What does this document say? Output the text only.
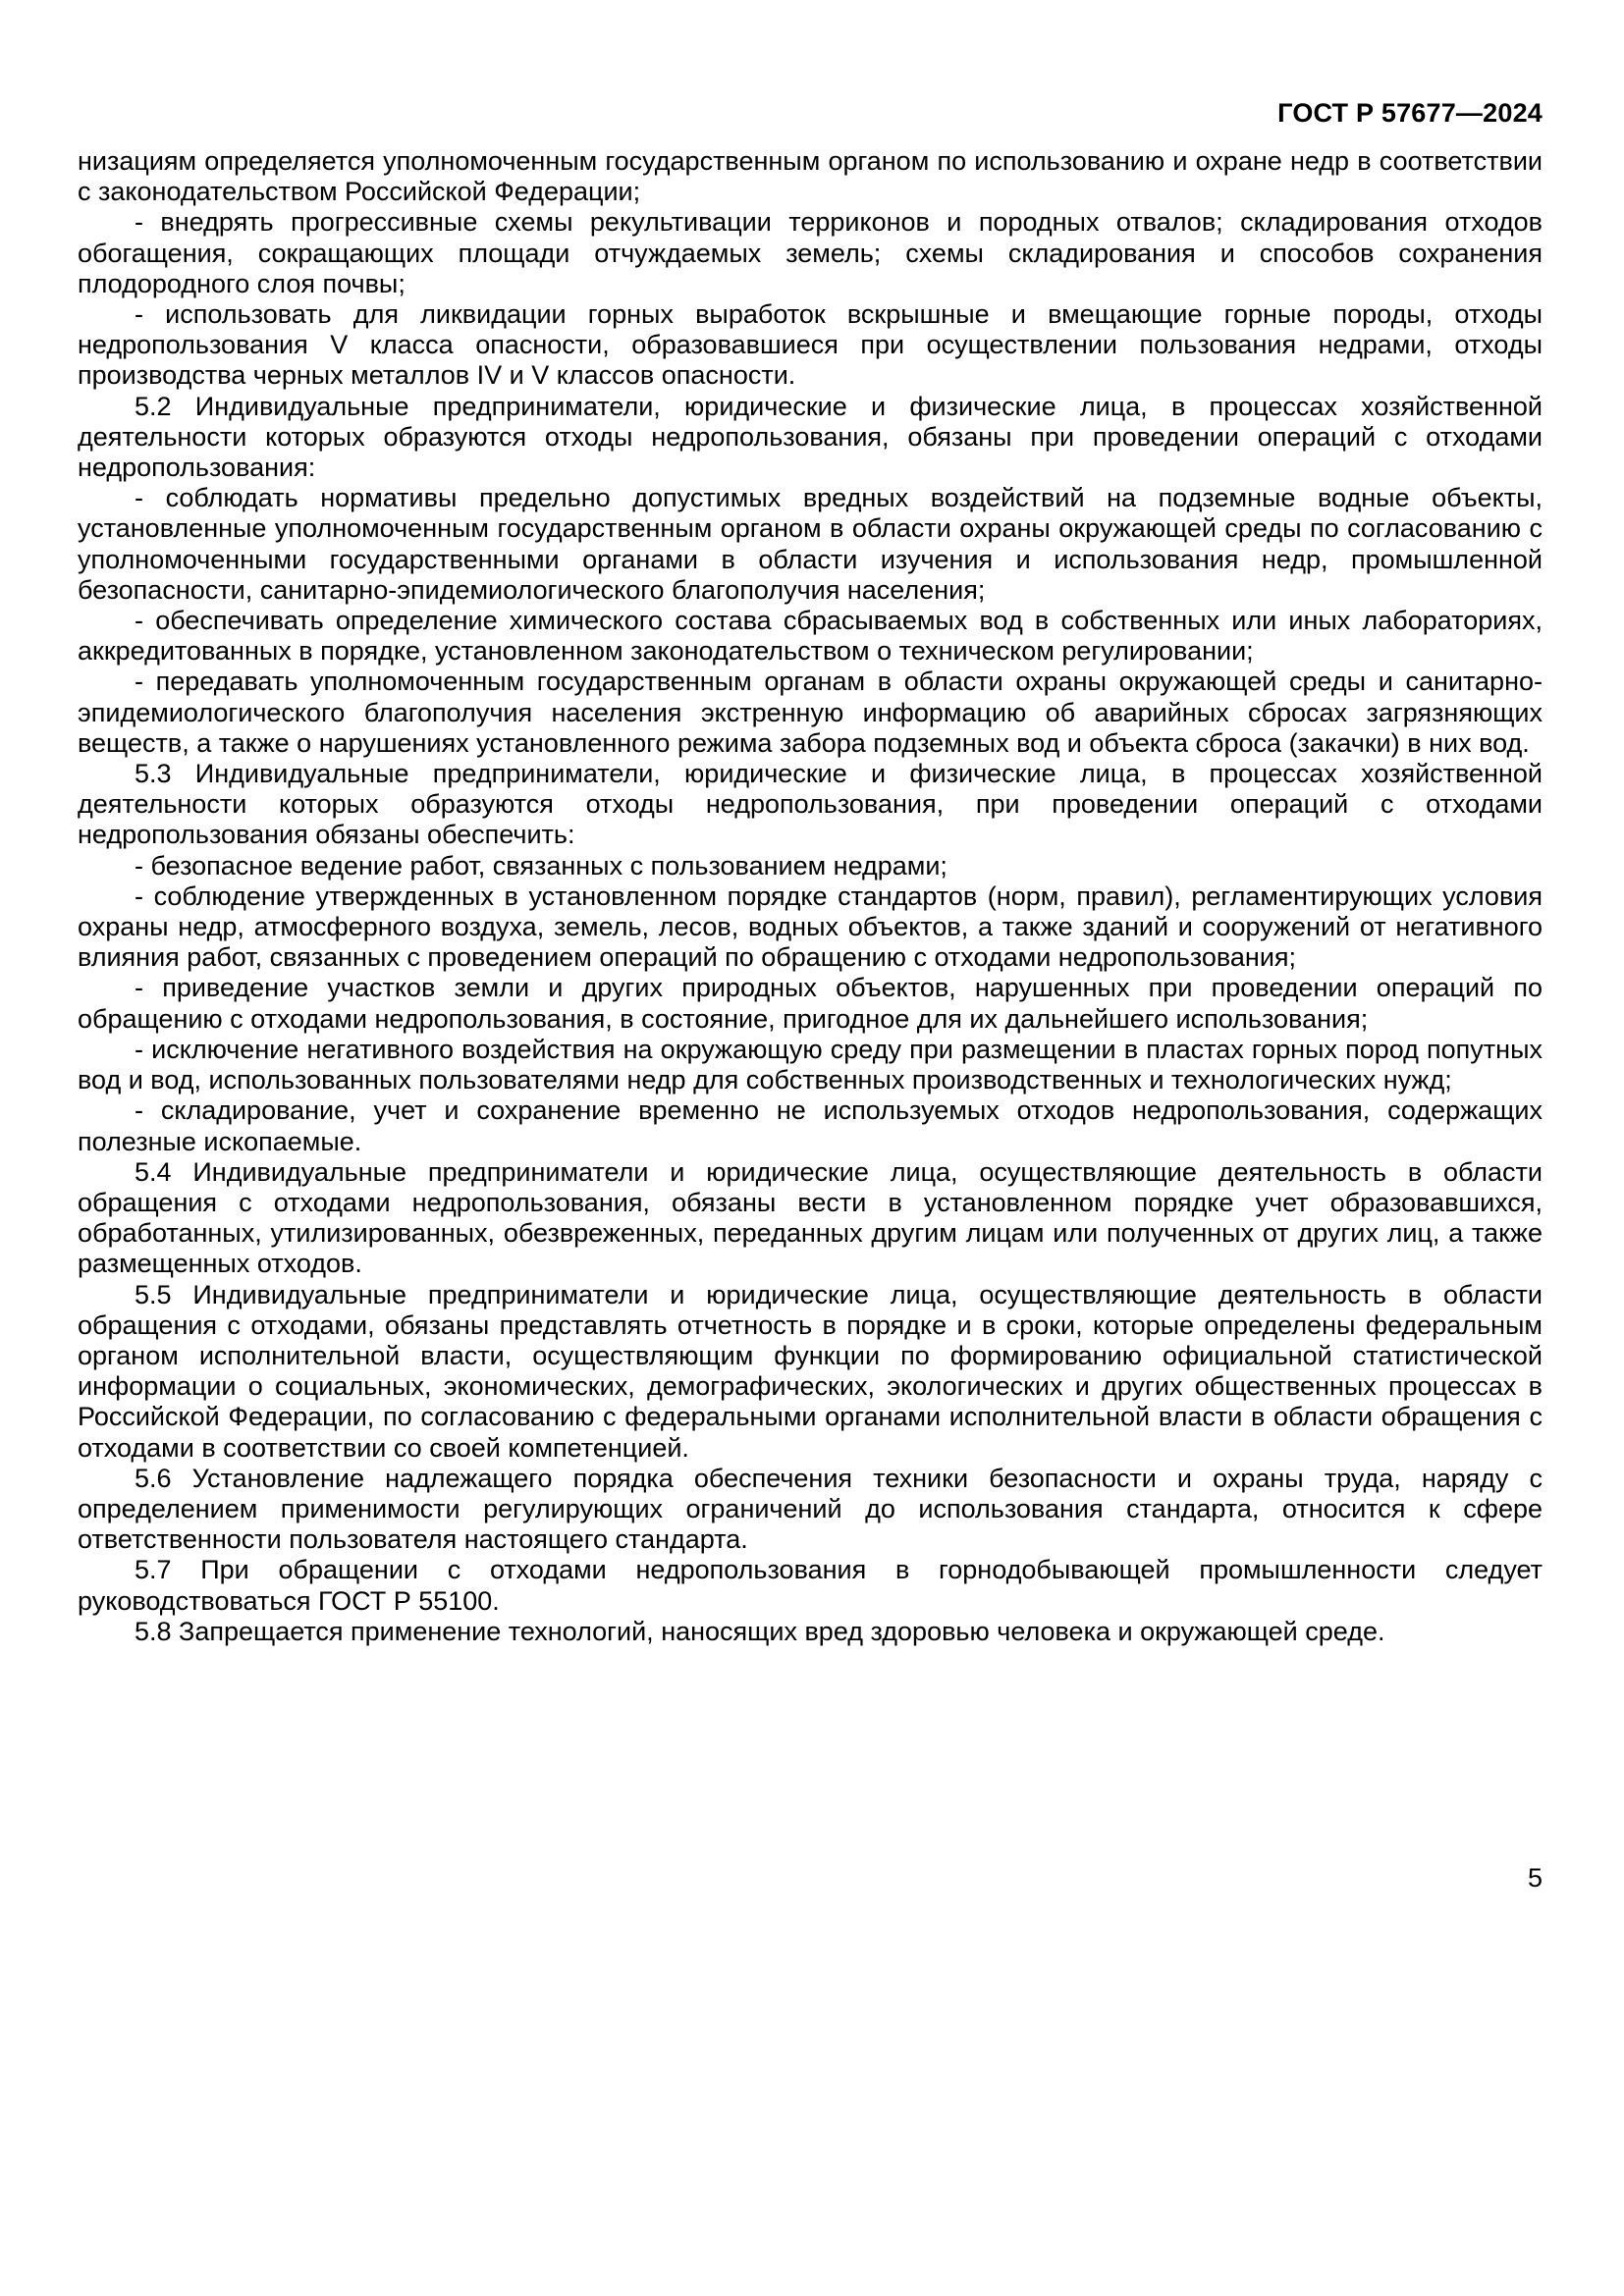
ГОСТ Р 57677—2024

низациям определяется уполномоченным государственным органом по использованию и охране недр в соответствии с законодательством Российской Федерации;

- внедрять прогрессивные схемы рекультивации терриконов и породных отвалов; складирования отходов обогащения, сокращающих площади отчуждаемых земель; схемы складирования и способов сохранения плодородного слоя почвы;

- использовать для ликвидации горных выработок вскрышные и вмещающие горные породы, отходы недропользования V класса опасности, образовавшиеся при осуществлении пользования недрами, отходы производства черных металлов IV и V классов опасности.

5.2 Индивидуальные предприниматели, юридические и физические лица, в процессах хозяйственной деятельности которых образуются отходы недропользования, обязаны при проведении операций с отходами недропользования:

- соблюдать нормативы предельно допустимых вредных воздействий на подземные водные объекты, установленные уполномоченным государственным органом в области охраны окружающей среды по согласованию с уполномоченными государственными органами в области изучения и использования недр, промышленной безопасности, санитарно-эпидемиологического благополучия населения;

- обеспечивать определение химического состава сбрасываемых вод в собственных или иных лабораториях, аккредитованных в порядке, установленном законодательством о техническом регулировании;

- передавать уполномоченным государственным органам в области охраны окружающей среды и санитарно-эпидемиологического благополучия населения экстренную информацию об аварийных сбросах загрязняющих веществ, а также о нарушениях установленного режима забора подземных вод и объекта сброса (закачки) в них вод.

5.3 Индивидуальные предприниматели, юридические и физические лица, в процессах хозяйственной деятельности которых образуются отходы недропользования, при проведении операций с отходами недропользования обязаны обеспечить:

- безопасное ведение работ, связанных с пользованием недрами;

- соблюдение утвержденных в установленном порядке стандартов (норм, правил), регламентирующих условия охраны недр, атмосферного воздуха, земель, лесов, водных объектов, а также зданий и сооружений от негативного влияния работ, связанных с проведением операций по обращению с отходами недропользования;

- приведение участков земли и других природных объектов, нарушенных при проведении операций по обращению с отходами недропользования, в состояние, пригодное для их дальнейшего использования;

- исключение негативного воздействия на окружающую среду при размещении в пластах горных пород попутных вод и вод, использованных пользователями недр для собственных производственных и технологических нужд;

- складирование, учет и сохранение временно не используемых отходов недропользования, содержащих полезные ископаемые.

5.4 Индивидуальные предприниматели и юридические лица, осуществляющие деятельность в области обращения с отходами недропользования, обязаны вести в установленном порядке учет образовавшихся, обработанных, утилизированных, обезвреженных, переданных другим лицам или полученных от других лиц, а также размещенных отходов.

5.5 Индивидуальные предприниматели и юридические лица, осуществляющие деятельность в области обращения с отходами, обязаны представлять отчетность в порядке и в сроки, которые определены федеральным органом исполнительной власти, осуществляющим функции по формированию официальной статистической информации о социальных, экономических, демографических, экологических и других общественных процессах в Российской Федерации, по согласованию с федеральными органами исполнительной власти в области обращения с отходами в соответствии со своей компетенцией.

5.6 Установление надлежащего порядка обеспечения техники безопасности и охраны труда, наряду с определением применимости регулирующих ограничений до использования стандарта, относится к сфере ответственности пользователя настоящего стандарта.

5.7 При обращении с отходами недропользования в горнодобывающей промышленности следует руководствоваться ГОСТ Р 55100.

5.8 Запрещается применение технологий, наносящих вред здоровью человека и окружающей среде.

5
